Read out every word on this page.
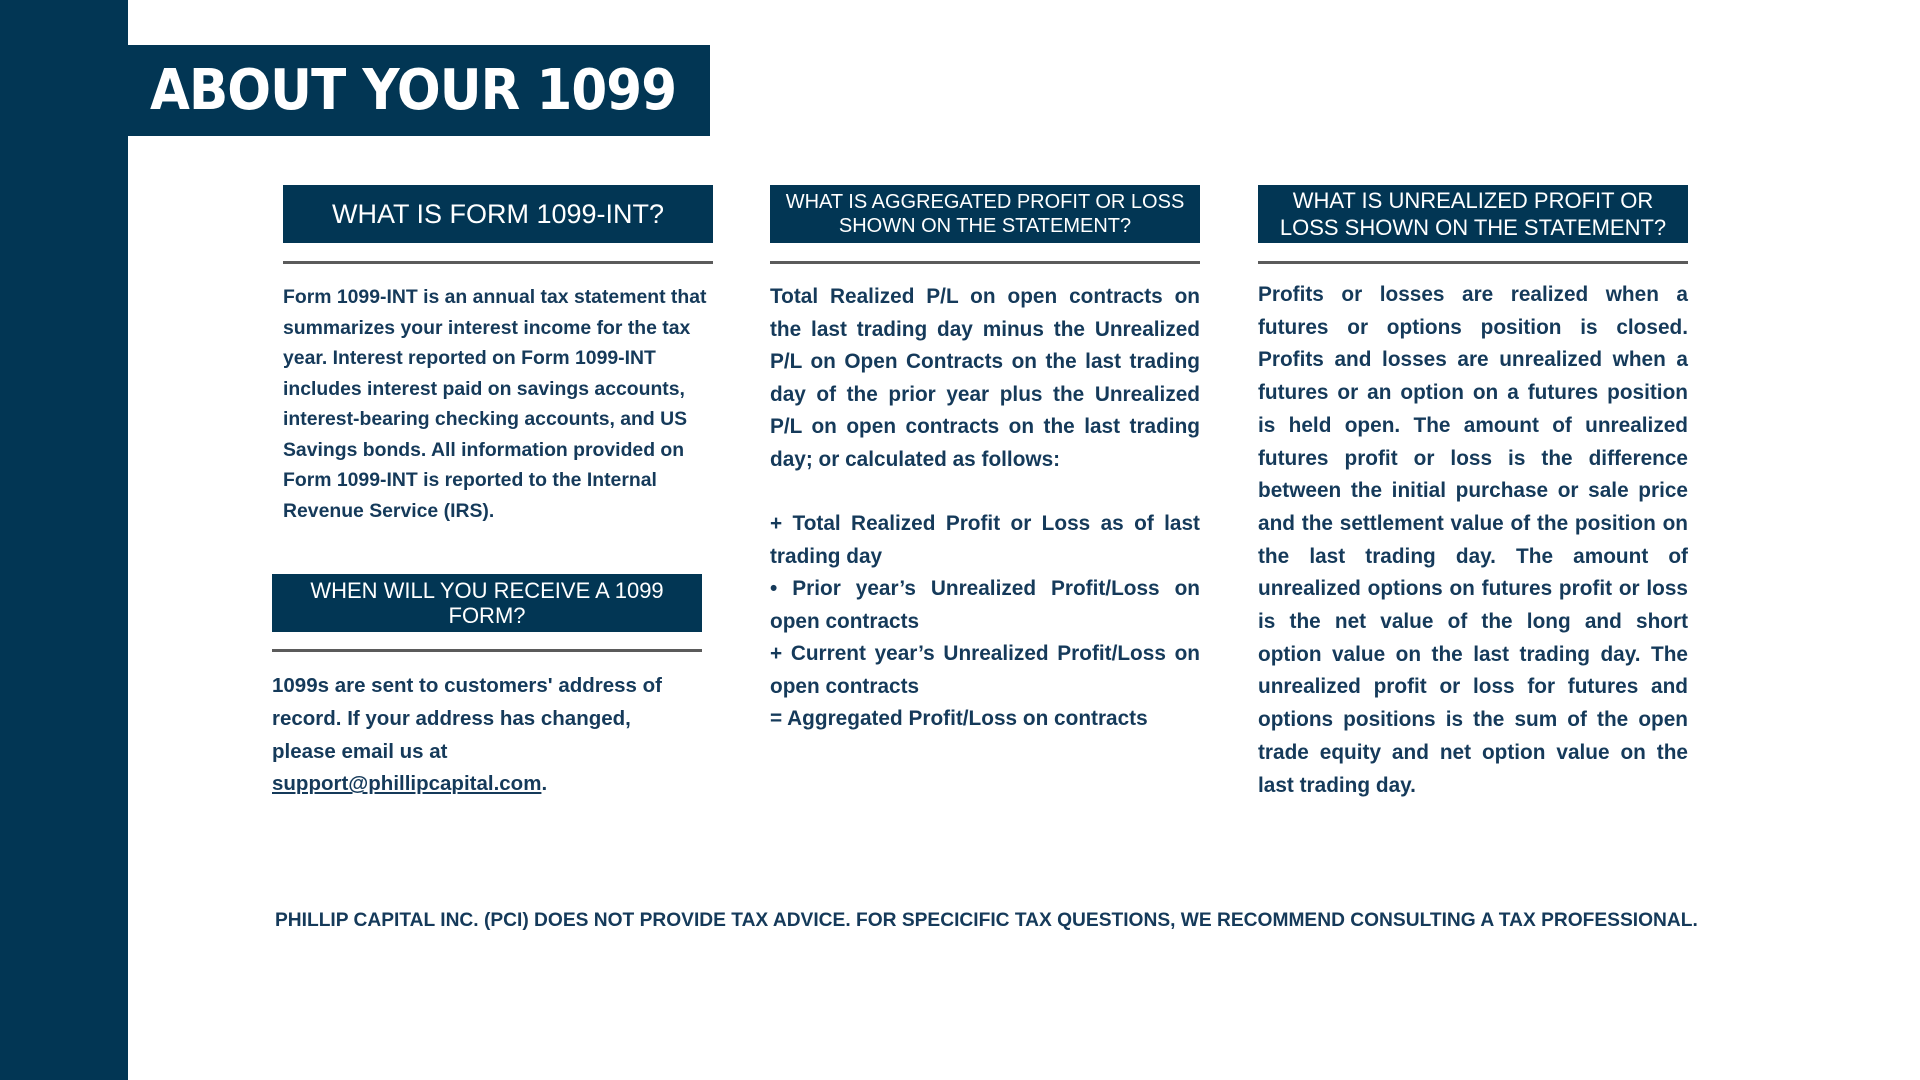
ABOUT YOUR 1099
WHAT IS FORM 1099-INT?

Form 1099-INT is an annual tax statement that summarizes your interest income for the tax year. Interest reported on Form 1099-INT includes interest paid on savings accounts, interest-bearing checking accounts, and US Savings bonds. All information provided on Form 1099-INT is reported to the Internal Revenue Service (IRS).

WHEN WILL YOU RECEIVE A 1099 FORM?

1099s are sent to customers' address of record. If your address has changed, please email us at support@phillipcapital.com.

WHAT IS AGGREGATED PROFIT OR LOSS SHOWN ON THE STATEMENT?

Total Realized P/L on open contracts on the last trading day minus the Unrealized P/L on Open Contracts on the last trading day of the prior year plus the Unrealized P/L on open contracts on the last trading day; or calculated as follows:

+ Total Realized Profit or Loss as of last trading day
• Prior year’s Unrealized Profit/Loss on open contracts
+ Current year’s Unrealized Profit/Loss on open contracts
= Aggregated Profit/Loss on contracts
WHAT IS UNREALIZED PROFIT OR LOSS SHOWN ON THE STATEMENT?

Profits or losses are realized when a futures or options position is closed. Profits and losses are unrealized when a futures or an option on a futures position is held open. The amount of unrealized futures profit or loss is the difference between the initial purchase or sale price and the settlement value of the position on the last trading day. The amount of unrealized options on futures profit or loss is the net value of the long and short option value on the last trading day. The unrealized profit or loss for futures and options positions is the sum of the open trade equity and net option value on the last trading day.

PHILLIP CAPITAL INC. (PCI) DOES NOT PROVIDE TAX ADVICE. FOR SPECICIFIC TAX QUESTIONS, WE RECOMMEND CONSULTING A TAX PROFESSIONAL.
